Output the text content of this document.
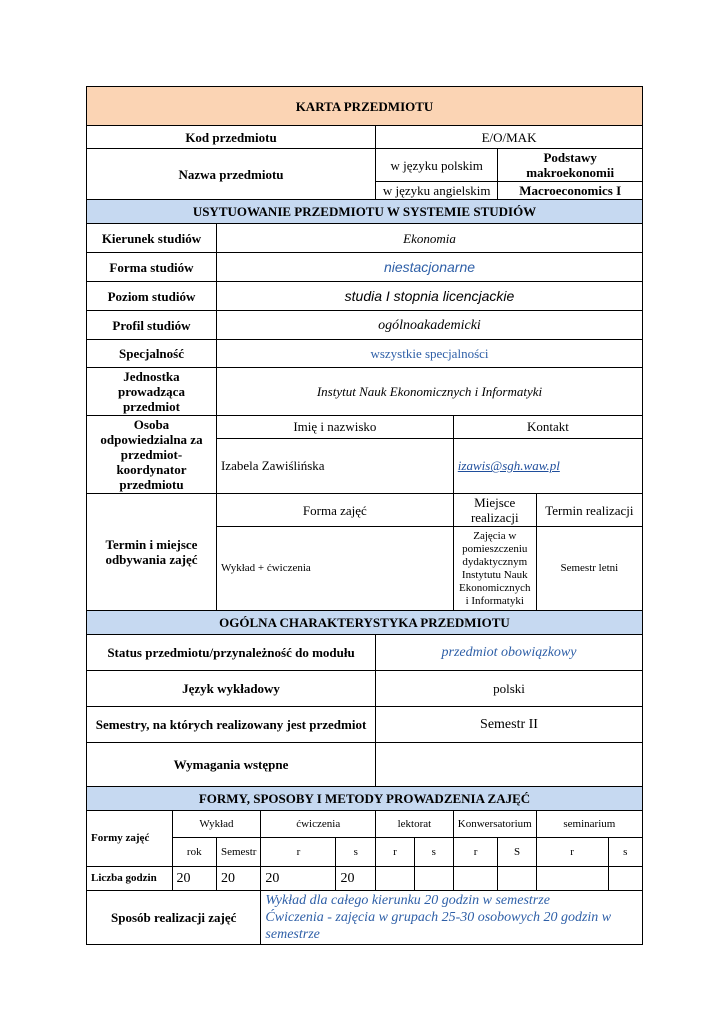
KARTA PRZEDMIOTU										
Kod przedmiotu					E/O/MAK					
Nazwa przedmiotu					w języku polskim			Podstawy makroekonomii		
					w języku angielskim			Macroeconomics I		
USYTUOWANIE PRZEDMIOTU W SYSTEMIE STUDIÓW										
Kierunek studiów		Ekonomia								
Forma studiów		niestacjonarne								
Poziom studiów		studia I stopnia licencjackie								
Profil studiów		ogólnoakademicki								
Specjalność		wszystkie specjalności								
Jednostka prowadząca przedmiot		Instytut Nauk Ekonomicznych i Informatyki								
Osoba odpowiedzialna za przedmiot- koordynator przedmiotu		Imię i nazwisko					Kontakt			
		Izabela Zawiślińska					izawis@sgh.waw.pl			
Termin i miejsce odbywania zajęć		Forma zajęć					Miejsce realizacji		Termin realizacji	
		Wykład + ćwiczenia					Zajęcia w pomieszczeniu dydaktycznym Instytutu Nauk Ekonomicznych i Informatyki		Semestr letni	
OGÓLNA CHARAKTERYSTYKA PRZEDMIOTU										
Status przedmiotu/przynależność do modułu					przedmiot obowiązkowy					
Język wykładowy					polski					
Semestry, na których realizowany jest przedmiot					Semestr II					
Wymagania wstępne										
FORMY, SPOSOBY I METODY PROWADZENIA ZAJĘĆ										
Formy zajęć	Wykład		ćwiczenia		lektorat		Konwersatorium		seminarium	
	rok	Semestr	r	s	r	s	r	S	r	s
Liczba godzin	20	20	20	20						
Sposób realizacji zajęć			Wykład dla całego kierunku 20 godzin w semestrze
Ćwiczenia - zajęcia w grupach 25-30 osobowych 20 godzin w semestrze							
